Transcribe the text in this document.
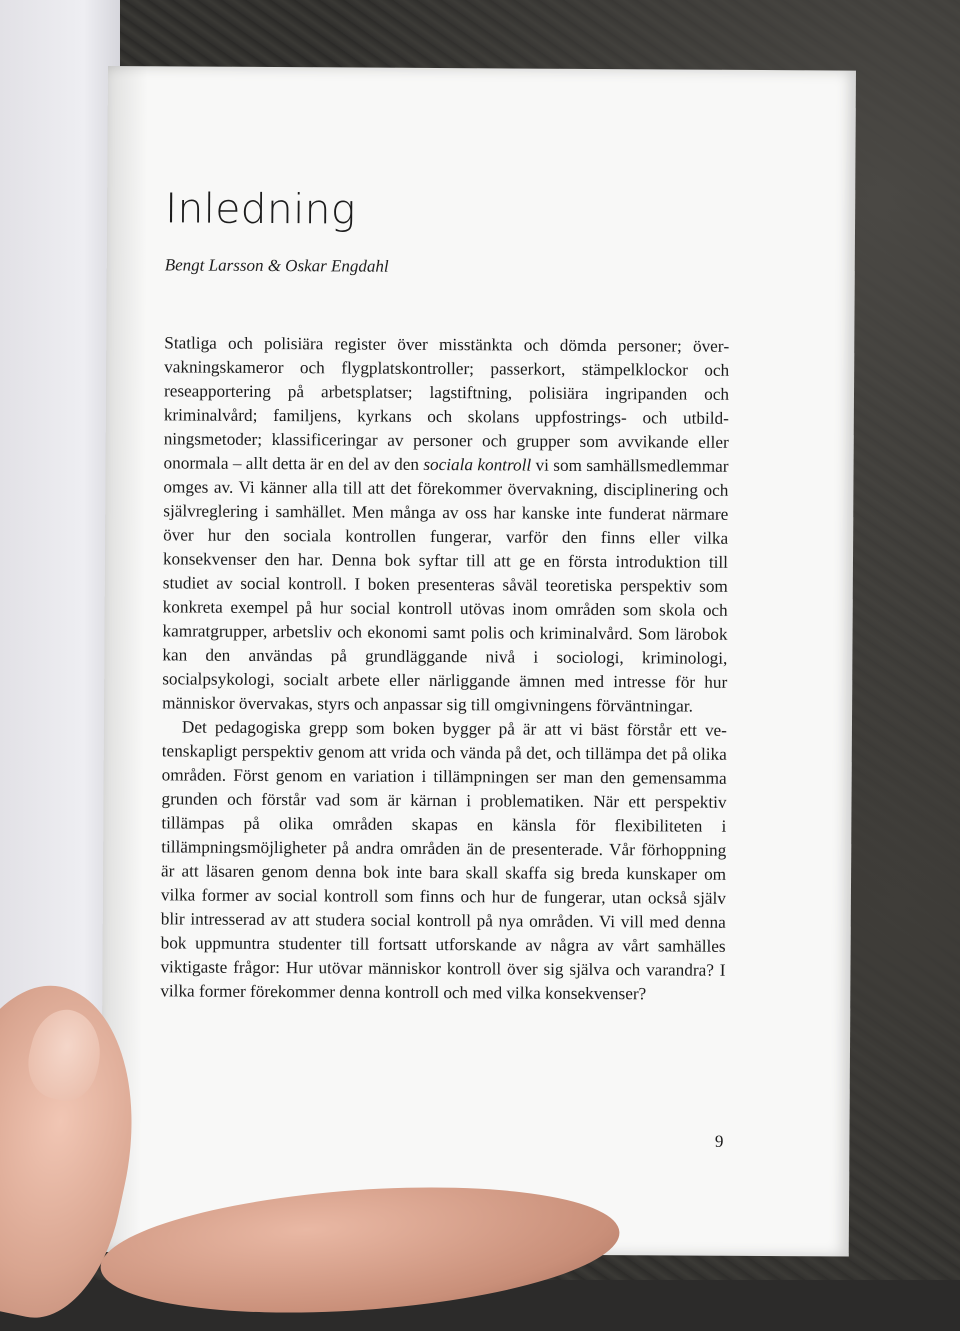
Inledning
Bengt Larsson & Oskar Engdahl

Statliga och polisiära register över misstänkta och dömda personer; övervakningskameror och flygplatskontroller; passerkort, stämpelklockor och reseapportering på arbetsplatser; lagstiftning, polisiära ingripanden och kriminalvård; familjens, kyrkans och skolans uppfostrings- och utbildningsmetoder; klassificeringar av personer och grupper som avvikande eller onormala – allt detta är en del av den sociala kontroll vi som samhällsmedlemmar omges av. Vi känner alla till att det förekommer övervakning, disciplinering och självreglering i samhället. Men många av oss har kanske inte funderat närmare över hur den sociala kontrollen fungerar, varför den finns eller vilka konsekvenser den har. Denna bok syftar till att ge en första introduktion till studiet av social kontroll. I boken presenteras såväl teoretiska perspektiv som konkreta exempel på hur social kontroll utövas inom områden som skola och kamratgrupper, arbetsliv och ekonomi samt polis och kriminalvård. Som lärobok kan den användas på grundläggande nivå i sociologi, kriminologi, socialpsykologi, socialt arbete eller närliggande ämnen med intresse för hur människor övervakas, styrs och anpassar sig till omgivningens förväntningar.

Det pedagogiska grepp som boken bygger på är att vi bäst förstår ett vetenskapligt perspektiv genom att vrida och vända på det, och tillämpa det på olika områden. Först genom en variation i tillämpningen ser man den gemensamma grunden och förstår vad som är kärnan i problematiken. När ett perspektiv tillämpas på olika områden skapas en känsla för flexibiliteten i tillämpningsmöjligheter på andra områden än de presenterade. Vår förhoppning är att läsaren genom denna bok inte bara skall skaffa sig breda kunskaper om vilka former av social kontroll som finns och hur de fungerar, utan också själv blir intresserad av att studera social kontroll på nya områden. Vi vill med denna bok uppmuntra studenter till fortsatt utforskande av några av vårt samhälles viktigaste frågor: Hur utövar människor kontroll över sig själva och varandra? I vilka former förekommer denna kontroll och med vilka konsekvenser?

9
